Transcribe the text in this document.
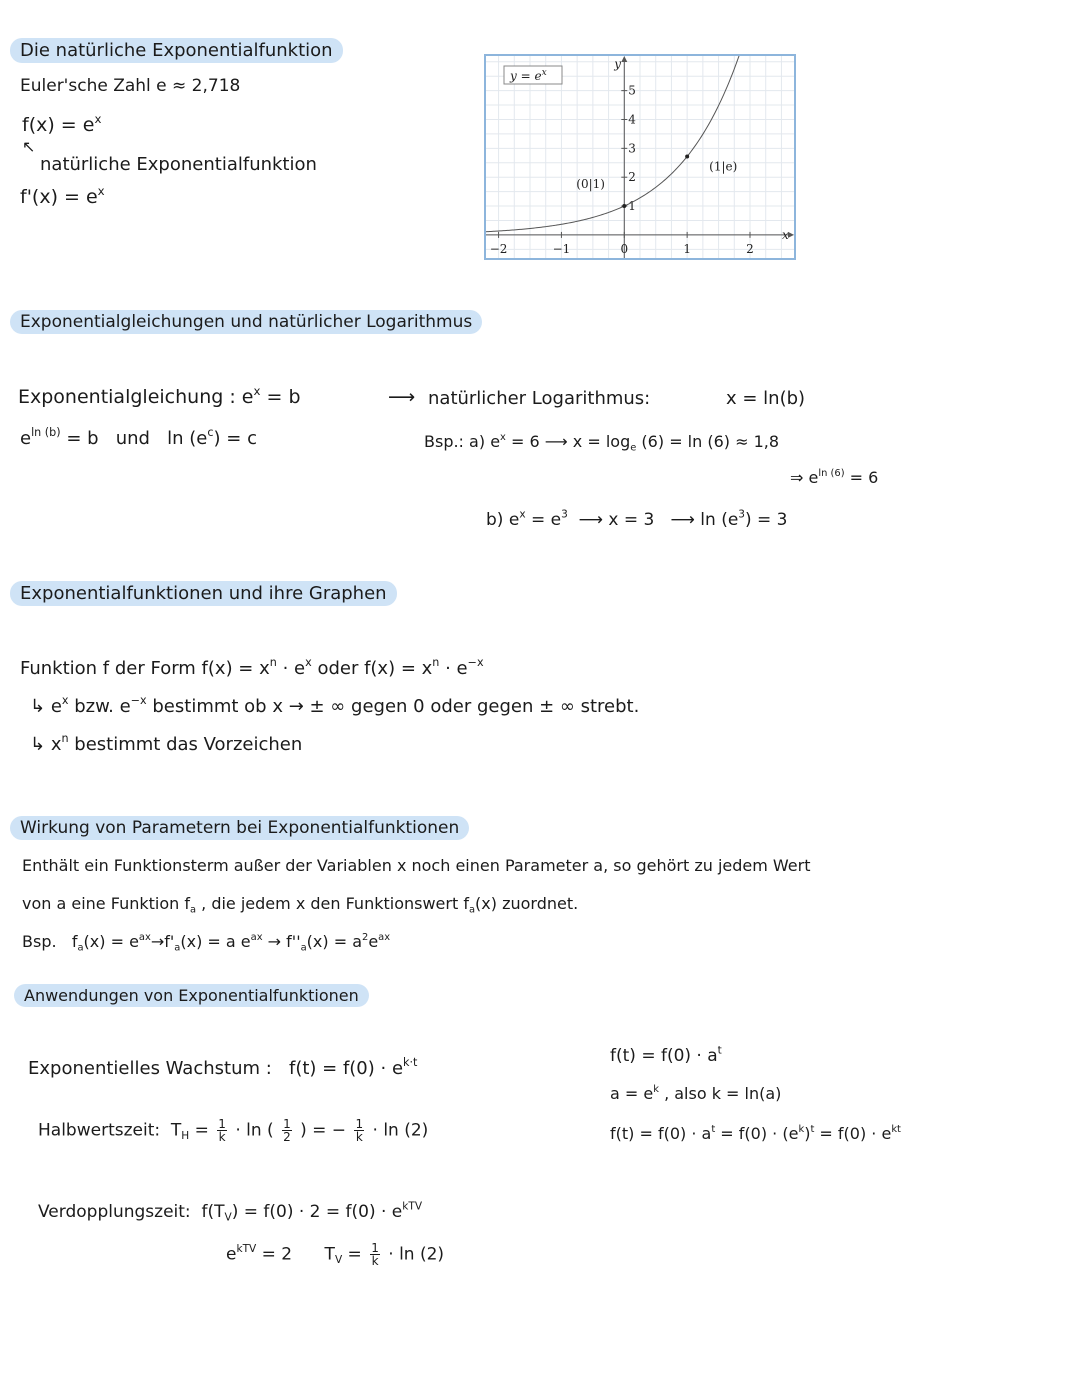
Die natürliche Exponentialfunktion
Euler'sche Zahl e ≈ 2,718
$f(x) = e^x$
↖
natürliche Exponentialfunktion
$f'(x) = e^x$
x
y
−2	−1	0	1	2
1
2
3
4
5
(0|1)
(1|e)
$y = e^x$
Exponentialgleichungen und natürlicher Logarithmus
Exponentialgleichung : $e^x = b$	⟶ natürlicher Logarithmus:	x = ln(b)
$e^{ln (b)} = b$ und $\ln (e^c) = c$	Bsp.: a) $e^x = 6$ ⟶ $x = \log_e (6) = \ln (6) \approx 1,8$
⇒ $e^{ln (6)} = 6$
b) $e^x = e^3$ ⟶ x = 3 ⟶ $\ln (e^3) = 3$
Exponentialfunktionen und ihre Graphen
Funktion f der Form $f(x) = x^n \cdot e^x$ oder $f(x) = x^n \cdot e^{-x}$
↳ $e^x$ bzw. $e^{-x}$ bestimmt ob x → ± ∞ gegen 0 oder gegen ± ∞ strebt.
↳ $x^n$ bestimmt das Vorzeichen
Wirkung von Parametern bei Exponentialfunktionen
Enthält ein Funktionsterm außer der Variablen x noch einen Parameter a, so gehört zu jedem Wert
von a eine Funktion $f_a$ , die jedem x den Funktionswert $f_a(x)$ zuordnet.
Bsp. $f_a(x) = e^{ax}\to f'_a(x) = a$ $e^{ax} \to f''_a(x) = a^2e^{ax}$
Anwendungen von Exponentialfunktionen
Exponentielles Wachstum : $f(t) = f(0) \cdot e^{k\cdot t}$	$f(t) = f(0) \cdot a^t$
$a = e^k$ , also k = ln(a)
$f(t) = f(0) \cdot a^t = f(0) \cdot (e^k)^t = f(0) \cdot e^{kt}$
Halbwertszeit: $T_H = \frac{1}{k} \cdot \ln$ ( $\frac{1}{2}$ ) = − $\frac{1}{k} \cdot \ln (2)$
Verdopplungszeit: $f(T_V) = f(0) \cdot 2 = f(0) \cdot e^{kTV}$
$e^{kTV} = 2$ $T_V = \frac{1}{k} \cdot \ln (2)$
